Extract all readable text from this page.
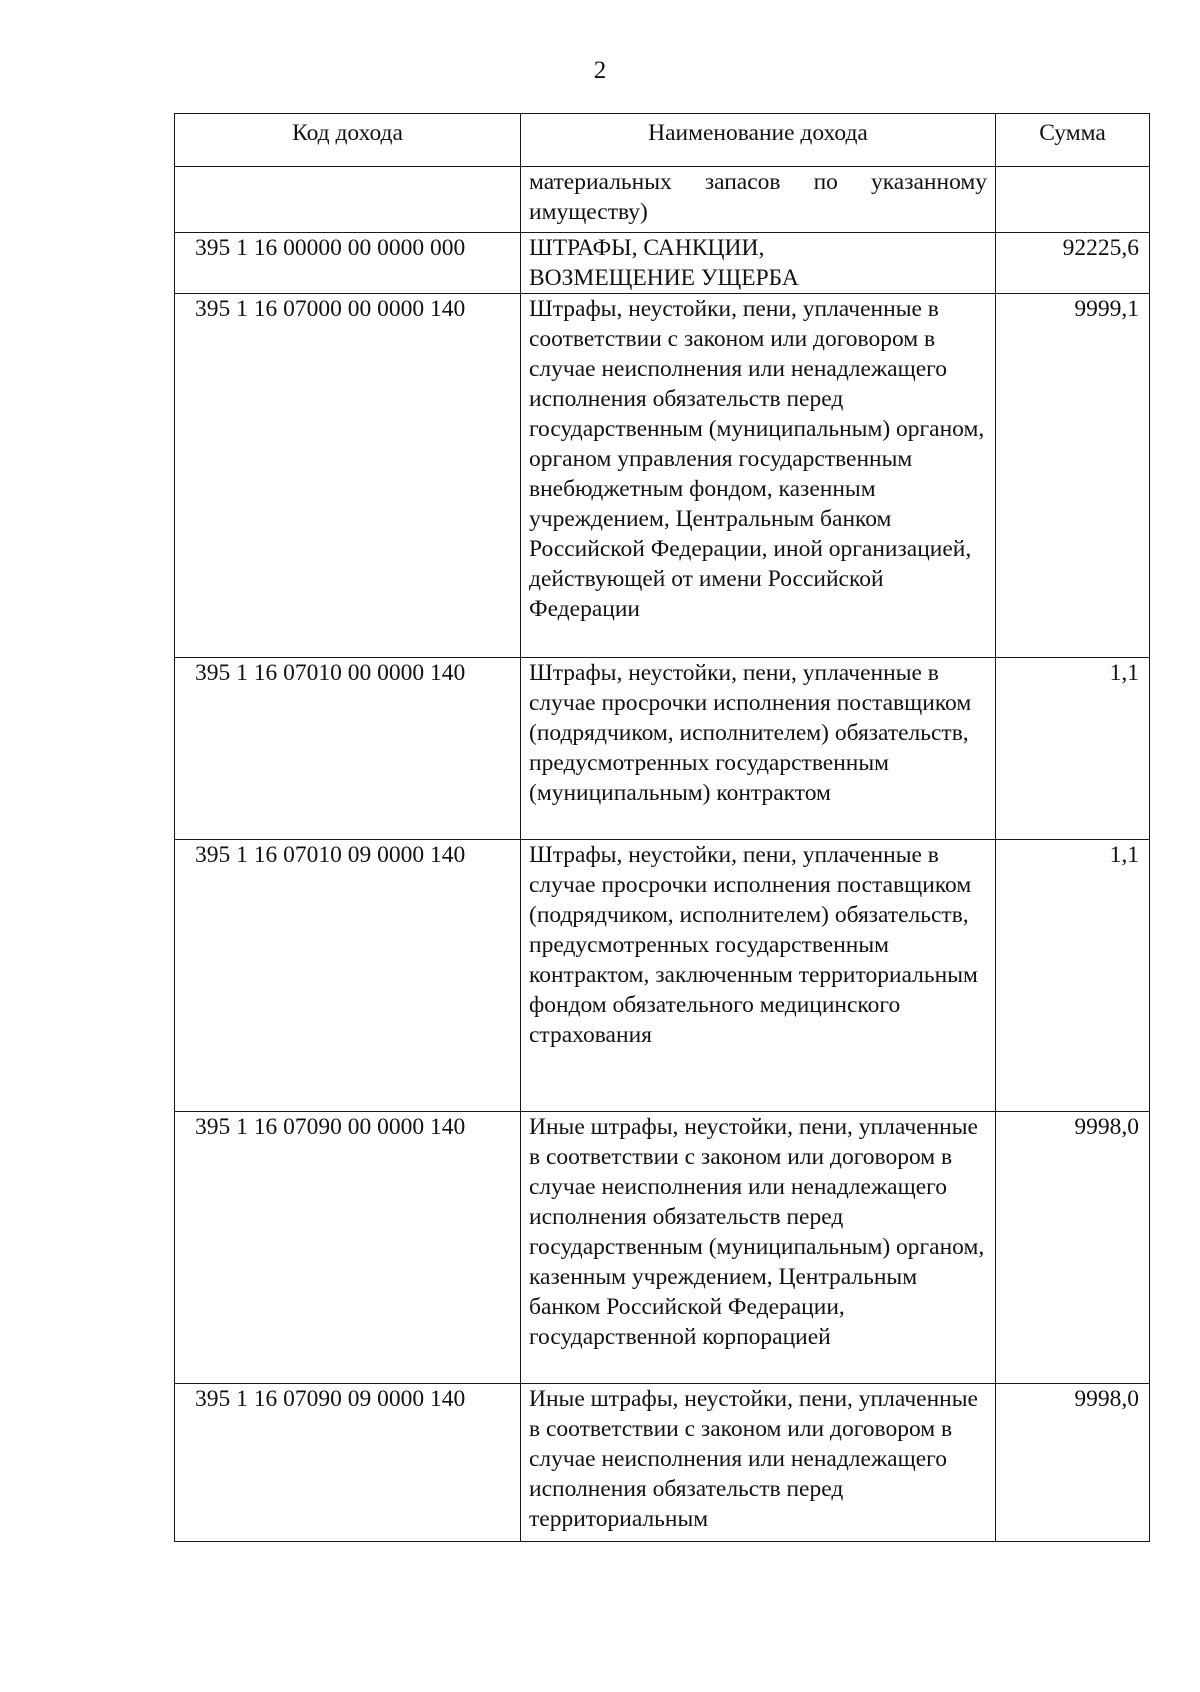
2
Код дохода	Наименование дохода	Сумма
	материальных запасов по указанному имуществу)	
395 1 16 00000 00 0000 000	ШТРАФЫ, САНКЦИИ, ВОЗМЕЩЕНИЕ УЩЕРБА	92225,6
395 1 16 07000 00 0000 140	Штрафы, неустойки, пени, уплаченные в соответствии с законом или договором в случае неисполнения или ненадлежащего исполнения обязательств перед государственным (муниципальным) органом, органом управления государственным внебюджетным фондом, казенным учреждением, Центральным банком Российской Федерации, иной организацией, действующей от имени Российской Федерации	9999,1
395 1 16 07010 00 0000 140	Штрафы, неустойки, пени, уплаченные в случае просрочки исполнения поставщиком (подрядчиком, исполнителем) обязательств, предусмотренных государственным (муниципальным) контрактом	1,1
395 1 16 07010 09 0000 140	Штрафы, неустойки, пени, уплаченные в случае просрочки исполнения поставщиком (подрядчиком, исполнителем) обязательств, предусмотренных государственным контрактом, заключенным территориальным фондом обязательного медицинского страхования	1,1
395 1 16 07090 00 0000 140	Иные штрафы, неустойки, пени, уплаченные в соответствии с законом или договором в случае неисполнения или ненадлежащего исполнения обязательств перед государственным (муниципальным) органом, казенным учреждением, Центральным банком Российской Федерации, государственной корпорацией	9998,0
395 1 16 07090 09 0000 140	Иные штрафы, неустойки, пени, уплаченные в соответствии с законом или договором в случае неисполнения или ненадлежащего исполнения обязательств перед территориальным	9998,0
